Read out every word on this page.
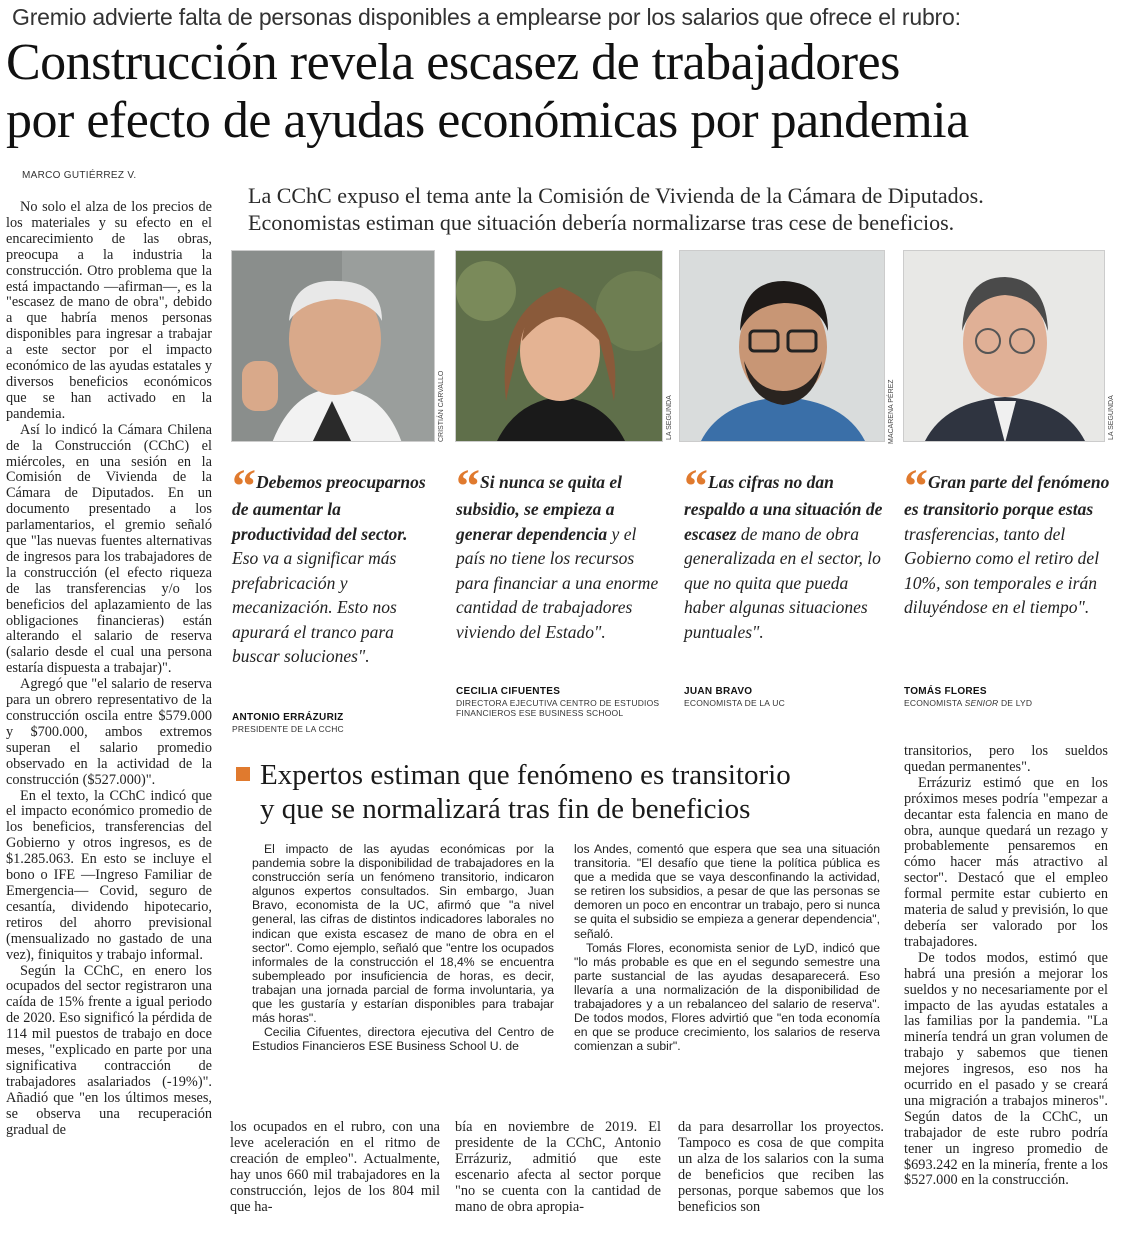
Gremio advierte falta de personas disponibles a emplearse por los salarios que ofrece el rubro:
Construcción revela escasez de trabajadores
por efecto de ayudas económicas por pandemia
MARCO GUTIÉRREZ V.
La CChC expuso el tema ante la Comisión de Vivienda de la Cámara de Diputados.
Economistas estiman que situación debería normalizarse tras cese de beneficios.

No solo el alza de los precios de los materiales y su efecto en el encarecimiento de las obras, preocupa a la industria la construcción. Otro problema que la está impactando —afirman—, es la "escasez de mano de obra", debido a que habría menos personas disponibles para ingresar a trabajar a este sector por el impacto económico de las ayudas estatales y diversos beneficios económicos que se han activado en la pandemia.

Así lo indicó la Cámara Chilena de la Construcción (CChC) el miércoles, en una sesión en la Comisión de Vivienda de la Cámara de Diputados. En un documento presentado a los parlamentarios, el gremio señaló que "las nuevas fuentes alternativas de ingresos para los trabajadores de la construcción (el efecto riqueza de las transferencias y/o los beneficios del aplazamiento de las obligaciones financieras) están alterando el salario de reserva (salario desde el cual una persona estaría dispuesta a trabajar)".

Agregó que "el salario de reserva para un obrero representativo de la construcción oscila entre $579.000 y $700.000, ambos extremos superan el salario promedio observado en la actividad de la construcción ($527.000)".

En el texto, la CChC indicó que el impacto económico promedio de los beneficios, transferencias del Gobierno y otros ingresos, es de $1.285.063. En esto se incluye el bono o IFE —Ingreso Familiar de Emergencia— Covid, seguro de cesantía, dividendo hipotecario, retiros del ahorro previsional (mensualizado no gastado de una vez), finiquitos y trabajo informal.

Según la CChC, en enero los ocupados del sector registraron una caída de 15% frente a igual periodo de 2020. Eso significó la pérdida de 114 mil puestos de trabajo en doce meses, "explicado en parte por una significativa contracción de trabajadores asalariados (-19%)". Añadió que "en los últimos meses, se observa una recuperación gradual de

CRISTIÁN CARVALLO	LA SEGUNDA	MACARENA PÉREZ	LA SEGUNDA
“ Debemos preocuparnos de aumentar la productividad del sector. Eso va a significar más prefabricación y mecanización. Esto nos apurará el tranco para buscar soluciones".
ANTONIO ERRÁZURIZ
PRESIDENTE DE LA CCHC
“ Si nunca se quita el subsidio, se empieza a generar dependencia y el país no tiene los recursos para financiar a una enorme cantidad de trabajadores viviendo del Estado".
CECILIA CIFUENTES
DIRECTORA EJECUTIVA CENTRO DE ESTUDIOS FINANCIEROS ESE BUSINESS SCHOOL
“ Las cifras no dan respaldo a una situación de escasez de mano de obra generalizada en el sector, lo que no quita que pueda haber algunas situaciones puntuales".
JUAN BRAVO
ECONOMISTA DE LA UC
“ Gran parte del fenómeno es transitorio porque estas trasferencias, tanto del Gobierno como el retiro del 10%, son temporales e irán diluyéndose en el tiempo".
TOMÁS FLORES
ECONOMISTA SENIOR DE LYD
Expertos estiman que fenómeno es transitorio
y que se normalizará tras fin de beneficios

El impacto de las ayudas económicas por la pandemia sobre la disponibilidad de trabajadores en la construcción sería un fenómeno transitorio, indicaron algunos expertos consultados. Sin embargo, Juan Bravo, economista de la UC, afirmó que "a nivel general, las cifras de distintos indicadores laborales no indican que exista escasez de mano de obra en el sector". Como ejemplo, señaló que "entre los ocupados informales de la construcción el 18,4% se encuentra subempleado por insuficiencia de horas, es decir, trabajan una jornada parcial de forma involuntaria, ya que les gustaría y estarían disponibles para trabajar más horas".

Cecilia Cifuentes, directora ejecutiva del Centro de Estudios Financieros ESE Business School U. de

los Andes, comentó que espera que sea una situación transitoria. "El desafío que tiene la política pública es que a medida que se vaya desconfinando la actividad, se retiren los subsidios, a pesar de que las personas se demoren un poco en encontrar un trabajo, pero si nunca se quita el subsidio se empieza a generar dependencia", señaló.

Tomás Flores, economista senior de LyD, indicó que "lo más probable es que en el segundo semestre una parte sustancial de las ayudas desaparecerá. Eso llevaría a una normalización de la disponibilidad de trabajadores y a un rebalanceo del salario de reserva". De todos modos, Flores advirtió que "en toda economía en que se produce crecimiento, los salarios de reserva comienzan a subir".

los ocupados en el rubro, con una leve aceleración en el ritmo de creación de empleo". Actualmente, hay unos 660 mil trabajadores en la construcción, lejos de los 804 mil que ha-

bía en noviembre de 2019. El presidente de la CChC, Antonio Errázuriz, admitió que este escenario afecta al sector porque "no se cuenta con la cantidad de mano de obra apropia-

da para desarrollar los proyectos. Tampoco es cosa de que compita un alza de los salarios con la suma de beneficios que reciben las personas, porque sabemos que los beneficios son

transitorios, pero los sueldos quedan permanentes".

Errázuriz estimó que en los próximos meses podría "empezar a decantar esta falencia en mano de obra, aunque quedará un rezago y probablemente pensaremos en cómo hacer más atractivo al sector". Destacó que el empleo formal permite estar cubierto en materia de salud y previsión, lo que debería ser valorado por los trabajadores.

De todos modos, estimó que habrá una presión a mejorar los sueldos y no necesariamente por el impacto de las ayudas estatales a las familias por la pandemia. "La minería tendrá un gran volumen de trabajo y sabemos que tienen mejores ingresos, eso nos ha ocurrido en el pasado y se creará una migración a trabajos mineros". Según datos de la CChC, un trabajador de este rubro podría tener un ingreso promedio de $693.242 en la minería, frente a los $527.000 en la construcción.
